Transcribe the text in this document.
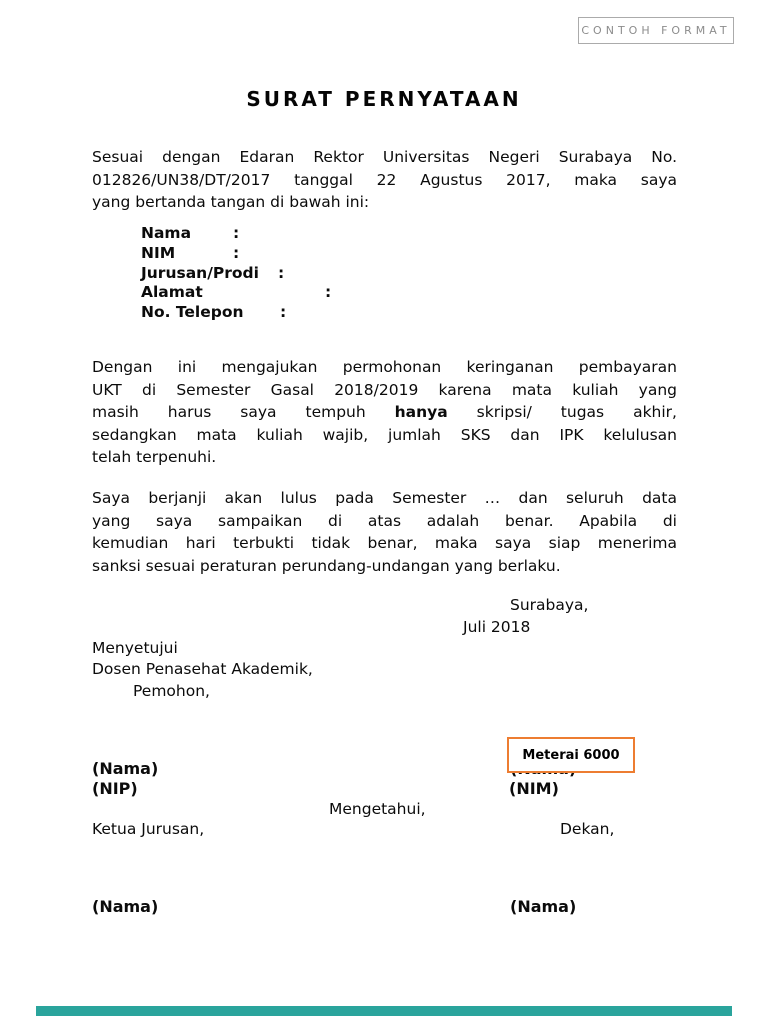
CONTOH FORMAT
SURAT PERNYATAAN
Sesuai dengan Edaran Rektor Universitas Negeri Surabaya No.
012826/UN38/DT/2017 tanggal 22 Agustus 2017, maka saya
yang bertanda tangan di bawah ini:
Nama	:
NIM	:
Jurusan/Prodi :
Alamat	:
No. Telepon :
Dengan ini mengajukan permohonan keringanan pembayaran
UKT di Semester Gasal 2018/2019 karena mata kuliah yang
masih harus saya tempuh hanya skripsi/ tugas akhir,
sedangkan mata kuliah wajib, jumlah SKS dan IPK kelulusan
telah terpenuhi.
Saya berjanji akan lulus pada Semester … dan seluruh data
yang saya sampaikan di atas adalah benar. Apabila di
kemudian hari terbukti tidak benar, maka saya siap menerima
sanksi sesuai peraturan perundang-undangan yang berlaku.
Surabaya,
Juli 2018
Menyetujui
Dosen Penasehat Akademik,
Pemohon,
Meterai 6000
(Nama)
(NIP)	(NIM)
Mengetahui,
Ketua Jurusan,	Dekan,
(Nama)	(Nama)
